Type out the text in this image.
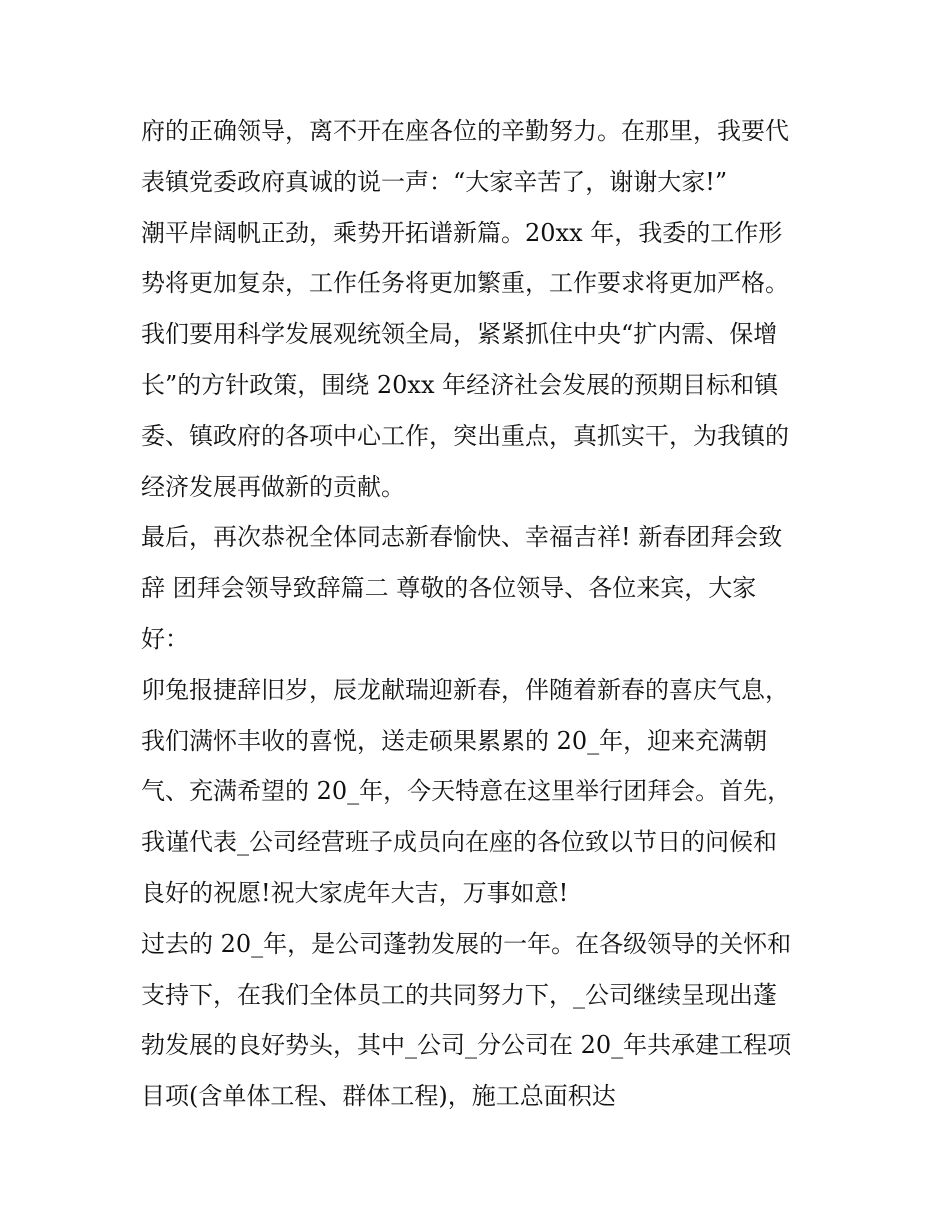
府的正确领导，离不开在座各位的辛勤努力。在那里，我要代
表镇党委政府真诚的说一声：“大家辛苦了，谢谢大家!”
潮平岸阔帆正劲，乘势开拓谱新篇。20xx 年，我委的工作形
势将更加复杂，工作任务将更加繁重，工作要求将更加严格。
我们要用科学发展观统领全局，紧紧抓住中央“扩内需、保增
长”的方针政策，围绕 20xx 年经济社会发展的预期目标和镇
委、镇政府的各项中心工作，突出重点，真抓实干，为我镇的
经济发展再做新的贡献。
最后，再次恭祝全体同志新春愉快、幸福吉祥! 新春团拜会致
辞 团拜会领导致辞篇二 尊敬的各位领导、各位来宾，大家
好：
卯兔报捷辞旧岁，辰龙献瑞迎新春，伴随着新春的喜庆气息，
我们满怀丰收的喜悦，送走硕果累累的 20_年，迎来充满朝
气、充满希望的 20_年，今天特意在这里举行团拜会。首先，
我谨代表_公司经营班子成员向在座的各位致以节日的问候和
良好的祝愿!祝大家虎年大吉，万事如意!
过去的 20_年，是公司蓬勃发展的一年。在各级领导的关怀和
支持下，在我们全体员工的共同努力下，_公司继续呈现出蓬
勃发展的良好势头，其中_公司_分公司在 20_年共承建工程项
目项(含单体工程、群体工程)，施工总面积达
